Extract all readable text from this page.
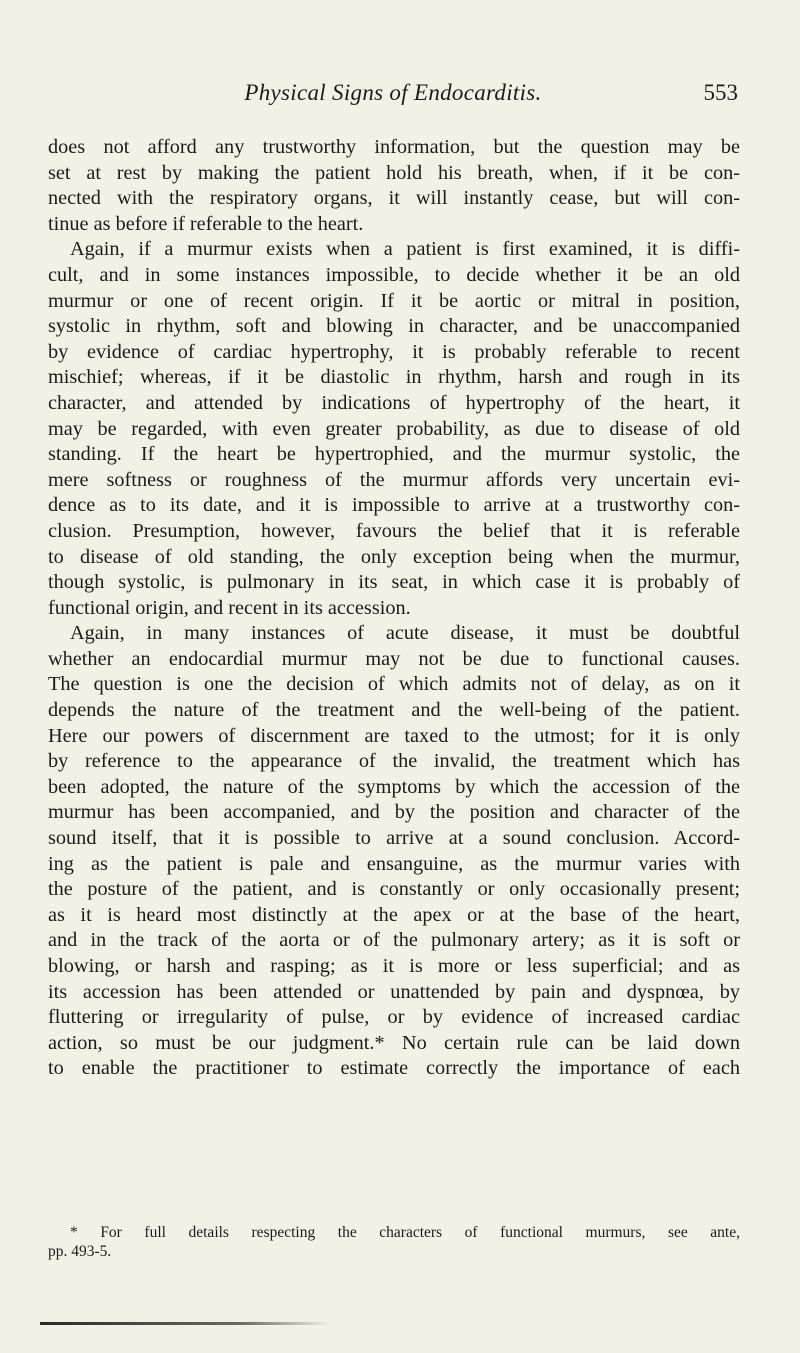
Physical Signs of Endocarditis.	553
does not afford any trustworthy information, but the question may be
set at rest by making the patient hold his breath, when, if it be con-
nected with the respiratory organs, it will instantly cease, but will con-
tinue as before if referable to the heart.
Again, if a murmur exists when a patient is first examined, it is diffi-
cult, and in some instances impossible, to decide whether it be an old
murmur or one of recent origin. If it be aortic or mitral in position,
systolic in rhythm, soft and blowing in character, and be unaccompanied
by evidence of cardiac hypertrophy, it is probably referable to recent
mischief; whereas, if it be diastolic in rhythm, harsh and rough in its
character, and attended by indications of hypertrophy of the heart, it
may be regarded, with even greater probability, as due to disease of old
standing. If the heart be hypertrophied, and the murmur systolic, the
mere softness or roughness of the murmur affords very uncertain evi-
dence as to its date, and it is impossible to arrive at a trustworthy con-
clusion. Presumption, however, favours the belief that it is referable
to disease of old standing, the only exception being when the murmur,
though systolic, is pulmonary in its seat, in which case it is probably of
functional origin, and recent in its accession.
Again, in many instances of acute disease, it must be doubtful
whether an endocardial murmur may not be due to functional causes.
The question is one the decision of which admits not of delay, as on it
depends the nature of the treatment and the well-being of the patient.
Here our powers of discernment are taxed to the utmost; for it is only
by reference to the appearance of the invalid, the treatment which has
been adopted, the nature of the symptoms by which the accession of the
murmur has been accompanied, and by the position and character of the
sound itself, that it is possible to arrive at a sound conclusion. Accord-
ing as the patient is pale and ensanguine, as the murmur varies with
the posture of the patient, and is constantly or only occasionally present;
as it is heard most distinctly at the apex or at the base of the heart,
and in the track of the aorta or of the pulmonary artery; as it is soft or
blowing, or harsh and rasping; as it is more or less superficial; and as
its accession has been attended or unattended by pain and dyspnœa, by
fluttering or irregularity of pulse, or by evidence of increased cardiac
action, so must be our judgment.* No certain rule can be laid down
to enable the practitioner to estimate correctly the importance of each
* For full details respecting the characters of functional murmurs, see ante,
pp. 493-5.
